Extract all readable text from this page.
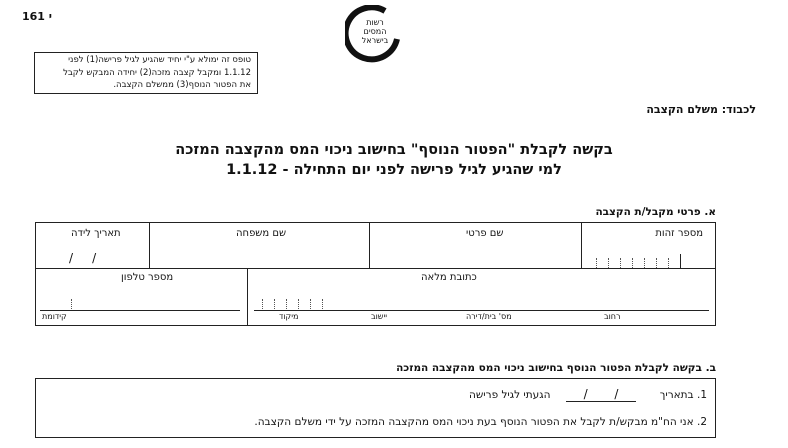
161 י	רשות
המסים
בישראל
טופס זה ימולא ע"י יחיד שהגיע לגיל פרישה(1) לפני
1.1.12 ומקבל קצבה מזכה(2) יחידה המבקש לקבל
את הפטור הנוסף(3) ממשלם הקצבה.
לכבוד: משלם הקצבה
בקשה לקבלת "הפטור הנוסף" בחישוב ניכוי המס מהקצבה המזכה
למי שהגיע לגיל פרישה לפני יום התחילה - 1.1.12
א. פרטי מקבל/ת הקצבה
מספר זהות
שם פרטי
שם משפחה
תאריך לידה
/     /
כתובת מלאה
מספר טלפון
רחוב
מס' בית/דירה
יישוב
מיקוד
קידומת
ב. בקשה לקבלת הפטור הנוסף בחישוב ניכוי המס מהקצבה המזכה
1. בתאריך
/       /
הגעתי לגיל פרישה
2. אני הח"מ מבקש/ת לקבל את הפטור הנוסף בעת ניכוי המס מהקצבה המזכה על ידי משלם הקצבה.
